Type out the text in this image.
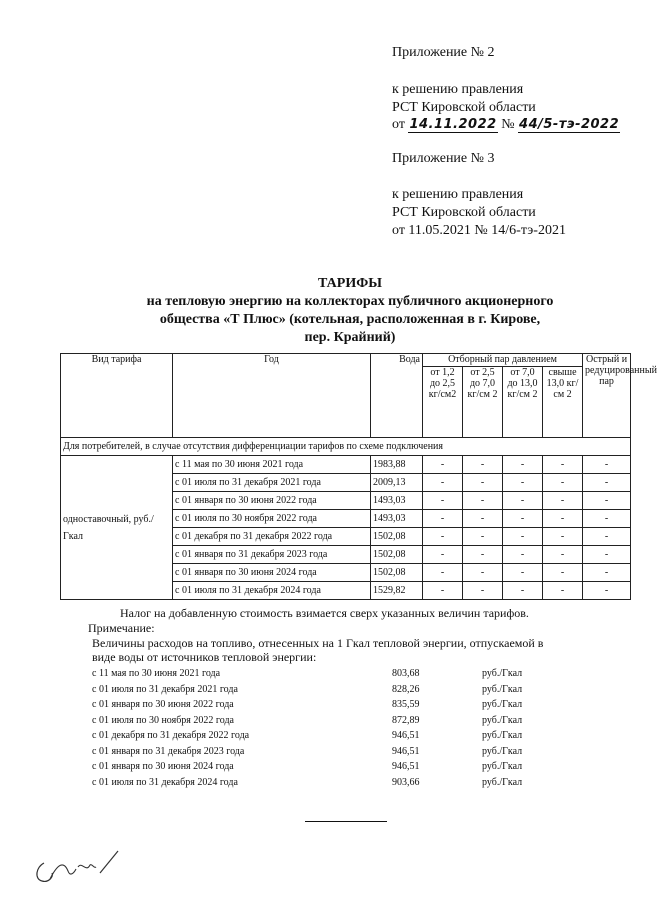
Приложение № 2
к решению правления
РСТ Кировской области
от 14.11.2022 № 44/5-тэ-2022
Приложение № 3
к решению правления
РСТ Кировской области
от 11.05.2021 № 14/6-тэ-2021
ТАРИФЫ
на тепловую энергию на коллекторах публичного акционерного
общества «Т Плюс» (котельная, расположенная в г. Кирове,
пер. Крайний)
Вид тарифа	Год	Вода	Отборный пар давлением				Острый и редуцированный пар
			от 1,2 до 2,5 кг/см2	от 2,5 до 7,0 кг/см 2	от 7,0 до 13,0 кг/см 2	свыше 13,0 кг/см 2	
Для потребителей, в случае отсутствия дифференциации тарифов по схеме подключения							
одноставочный, руб./Гкал	с 11 мая по 30 июня 2021 года	1983,88	-	-	-	-	-
	с 01 июля по 31 декабря 2021 года	2009,13	-	-	-	-	-
	с 01 января по 30 июня 2022 года	1493,03	-	-	-	-	-
	с 01 июля по 30 ноября 2022 года	1493,03	-	-	-	-	-
	с 01 декабря по 31 декабря 2022 года	1502,08	-	-	-	-	-
	с 01 января по 31 декабря 2023 года	1502,08	-	-	-	-	-
	с 01 января по 30 июня 2024 года	1502,08	-	-	-	-	-
	с 01 июля по 31 декабря 2024 года	1529,82	-	-	-	-	-
Налог на добавленную стоимость взимается сверх указанных величин тарифов.
Примечание:
Величины расходов на топливо, отнесенных на 1 Гкал тепловой энергии, отпускаемой в
виде воды от источников тепловой энергии:
с 11 мая по 30 июня 2021 года	803,68	руб./Гкал
с 01 июля по 31 декабря 2021 года	828,26	руб./Гкал
с 01 января по 30 июня 2022 года	835,59	руб./Гкал
с 01 июля по 30 ноября 2022 года	872,89	руб./Гкал
с 01 декабря по 31 декабря 2022 года	946,51	руб./Гкал
с 01 января по 31 декабря 2023 года	946,51	руб./Гкал
с 01 января по 30 июня 2024 года	946,51	руб./Гкал
с 01 июля по 31 декабря 2024 года	903,66	руб./Гкал
